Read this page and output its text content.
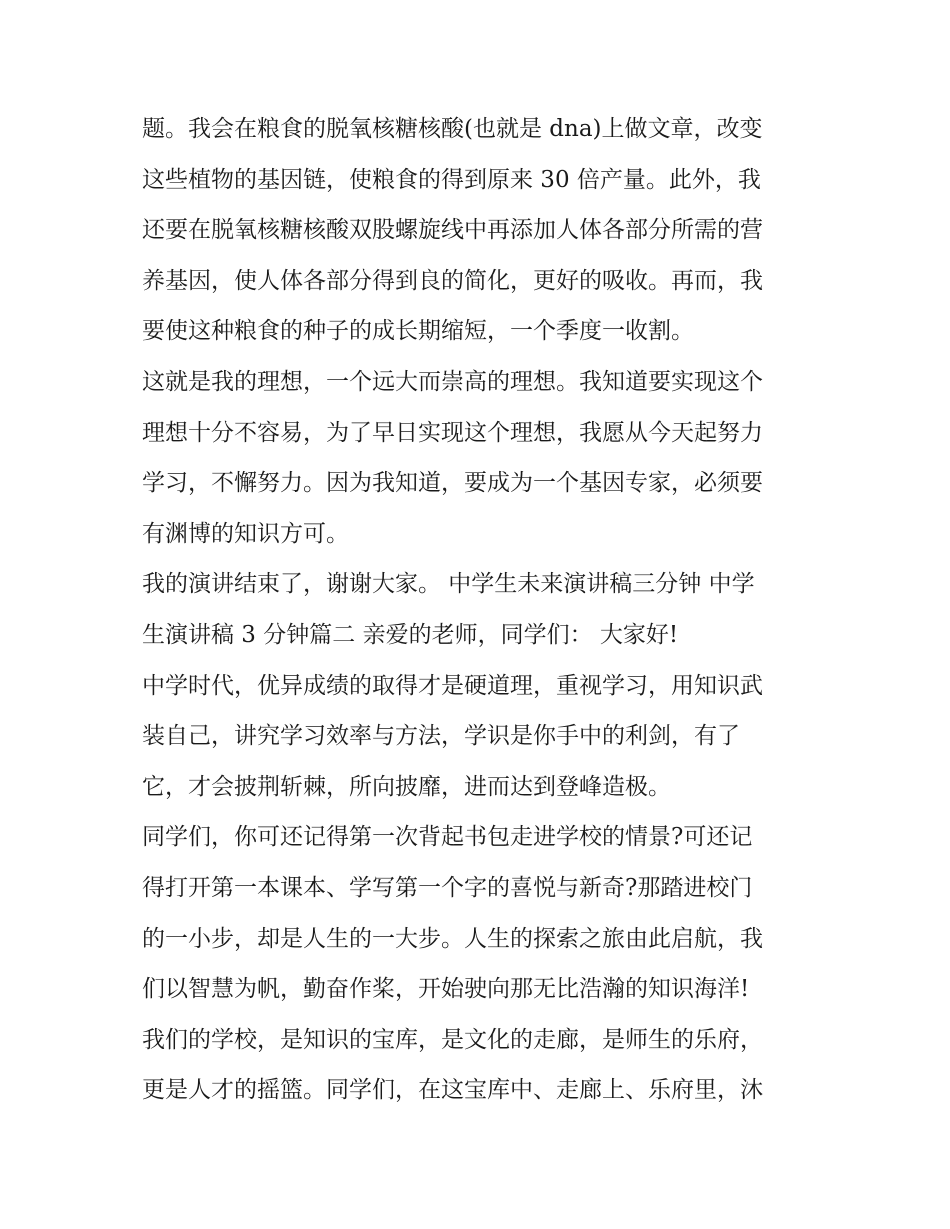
题。我会在粮食的脱氧核糖核酸(也就是 dna)上做文章，改变
这些植物的基因链，使粮食的得到原来 30 倍产量。此外，我
还要在脱氧核糖核酸双股螺旋线中再添加人体各部分所需的营
养基因，使人体各部分得到良的简化，更好的吸收。再而，我
要使这种粮食的种子的成长期缩短，一个季度一收割。
这就是我的理想，一个远大而崇高的理想。我知道要实现这个
理想十分不容易，为了早日实现这个理想，我愿从今天起努力
学习，不懈努力。因为我知道，要成为一个基因专家，必须要
有渊博的知识方可。
我的演讲结束了，谢谢大家。 中学生未来演讲稿三分钟 中学
生演讲稿 3 分钟篇二 亲爱的老师，同学们： 大家好!
中学时代，优异成绩的取得才是硬道理，重视学习，用知识武
装自己，讲究学习效率与方法，学识是你手中的利剑，有了
它，才会披荆斩棘，所向披靡，进而达到登峰造极。
同学们，你可还记得第一次背起书包走进学校的情景?可还记
得打开第一本课本、学写第一个字的喜悦与新奇?那踏进校门
的一小步，却是人生的一大步。人生的探索之旅由此启航，我
们以智慧为帆，勤奋作桨，开始驶向那无比浩瀚的知识海洋!
我们的学校，是知识的宝库，是文化的走廊，是师生的乐府，
更是人才的摇篮。同学们，在这宝库中、走廊上、乐府里，沐
